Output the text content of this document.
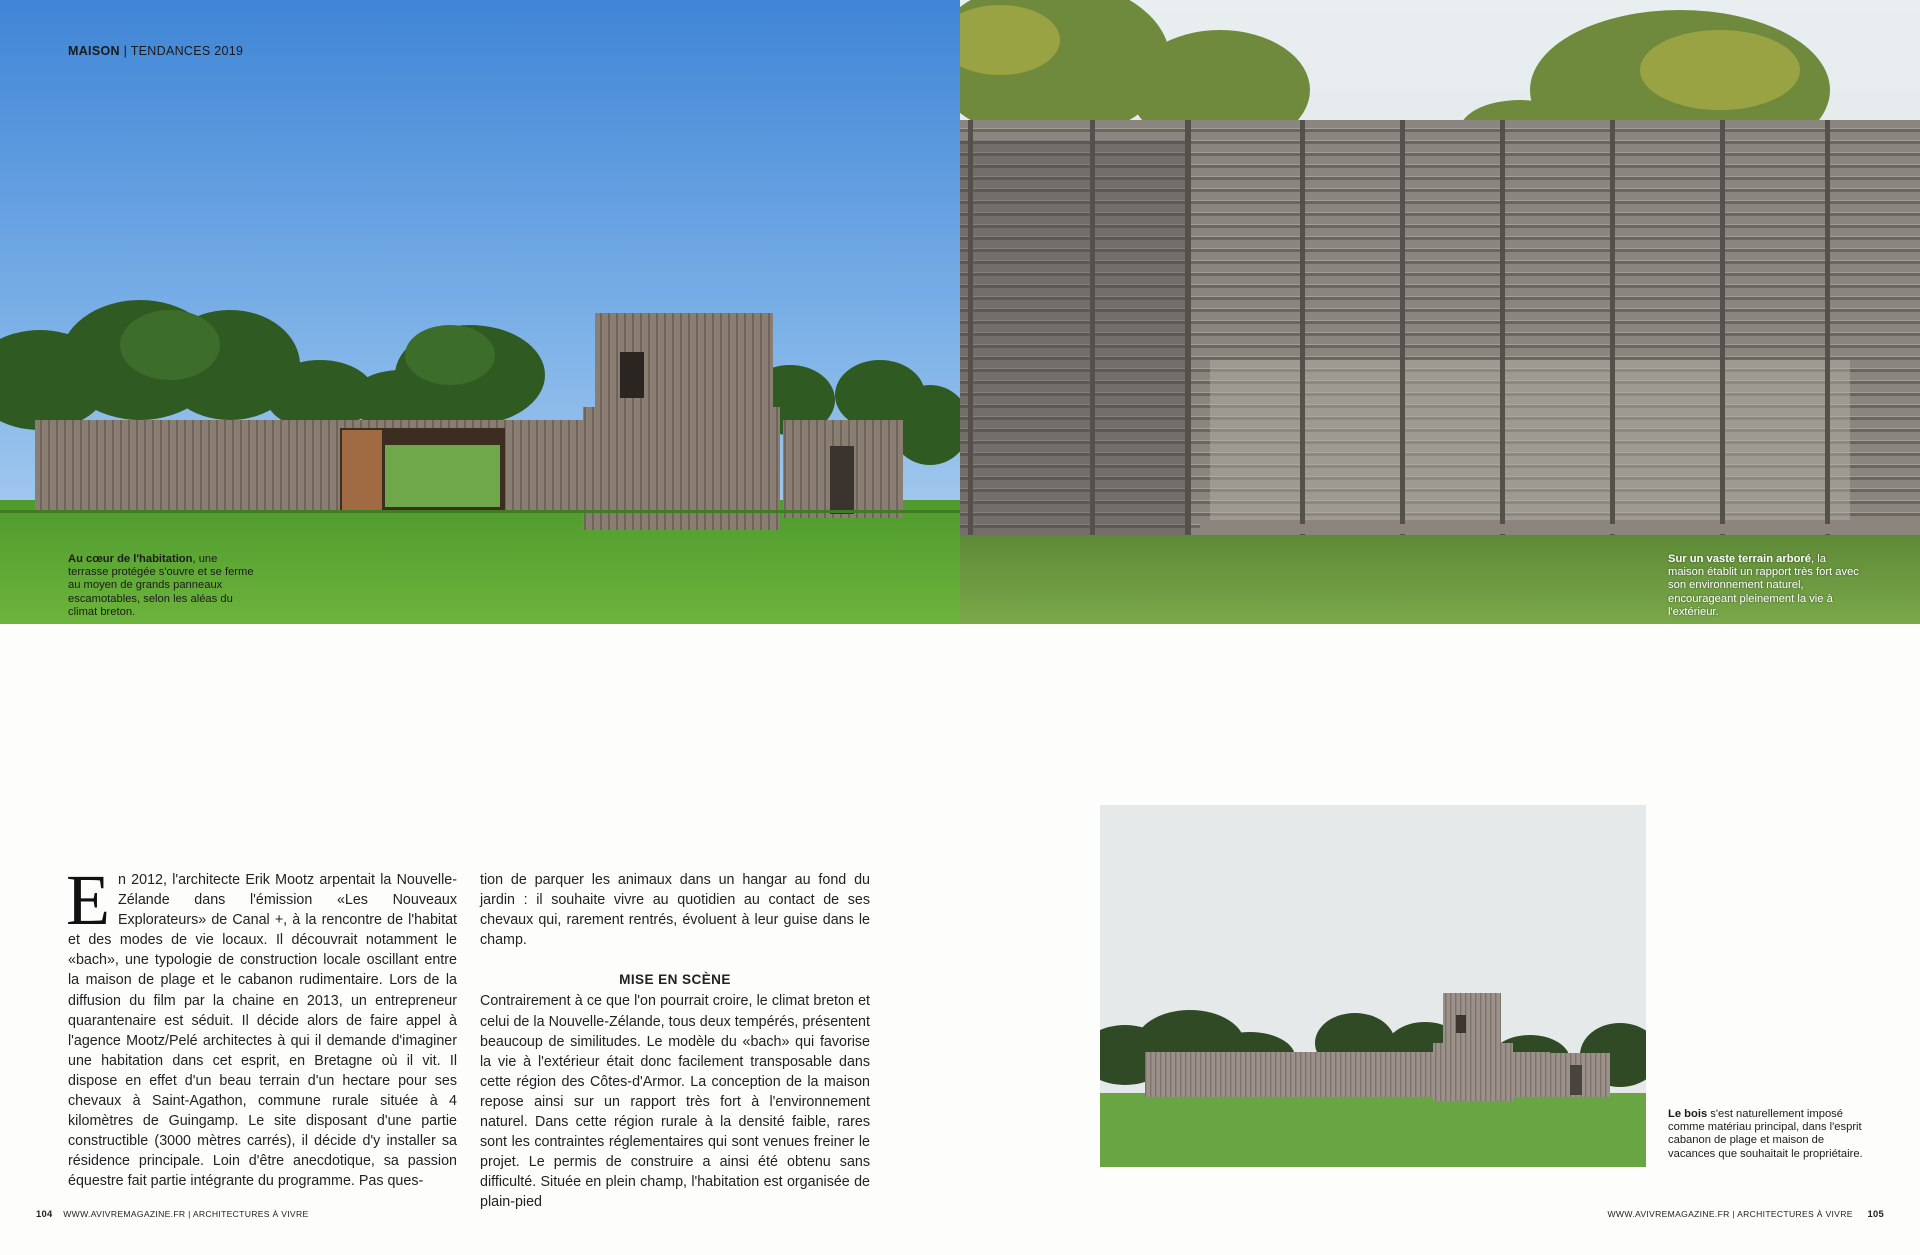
MAISON | TENDANCES 2019
Au cœur de l'habitation, une terrasse protégée s'ouvre et se ferme au moyen de grands panneaux escamotables, selon les aléas du climat breton.
Sur un vaste terrain arboré, la maison établit un rapport très fort avec son environnement naturel, encourageant pleinement la vie à l'extérieur.
Le bois s'est naturellement imposé comme matériau principal, dans l'esprit cabanon de plage et maison de vacances que souhaitait le propriétaire.
E n 2012, l'architecte Erik Mootz arpentait la Nouvelle-Zélande dans l'émission «Les Nouveaux Explorateurs» de Canal +, à la rencontre de l'habitat et des modes de vie locaux. Il découvrait notamment le «bach», une typologie de construction locale oscillant entre la maison de plage et le cabanon rudimentaire. Lors de la diffusion du film par la chaine en 2013, un entrepreneur quarantenaire est séduit. Il décide alors de faire appel à l'agence Mootz/Pelé architectes à qui il demande d'imaginer une habitation dans cet esprit, en Bretagne où il vit. Il dispose en effet d'un beau terrain d'un hectare pour ses chevaux à Saint-Agathon, commune rurale située à 4 kilomètres de Guingamp. Le site disposant d'une partie constructible (3000 mètres carrés), il décide d'y installer sa résidence principale. Loin d'être anecdotique, sa passion équestre fait partie intégrante du programme. Pas ques-

tion de parquer les animaux dans un hangar au fond du jardin : il souhaite vivre au quotidien au contact de ses chevaux qui, rarement rentrés, évoluent à leur guise dans le champ.

MISE EN SCÈNE

Contrairement à ce que l'on pourrait croire, le climat breton et celui de la Nouvelle-Zélande, tous deux tempérés, présentent beaucoup de similitudes. Le modèle du «bach» qui favorise la vie à l'extérieur était donc facilement transposable dans cette région des Côtes-d'Armor. La conception de la maison repose ainsi sur un rapport très fort à l'environnement naturel. Dans cette région rurale à la densité faible, rares sont les contraintes réglementaires qui sont venues freiner le projet. Le permis de construire a ainsi été obtenu sans difficulté. Située en plein champ, l'habitation est organisée de plain-pied

104 WWW.AVIVREMAGAZINE.FR | ARCHITECTURES À VIVRE	WWW.AVIVREMAGAZINE.FR | ARCHITECTURES À VIVRE 105
